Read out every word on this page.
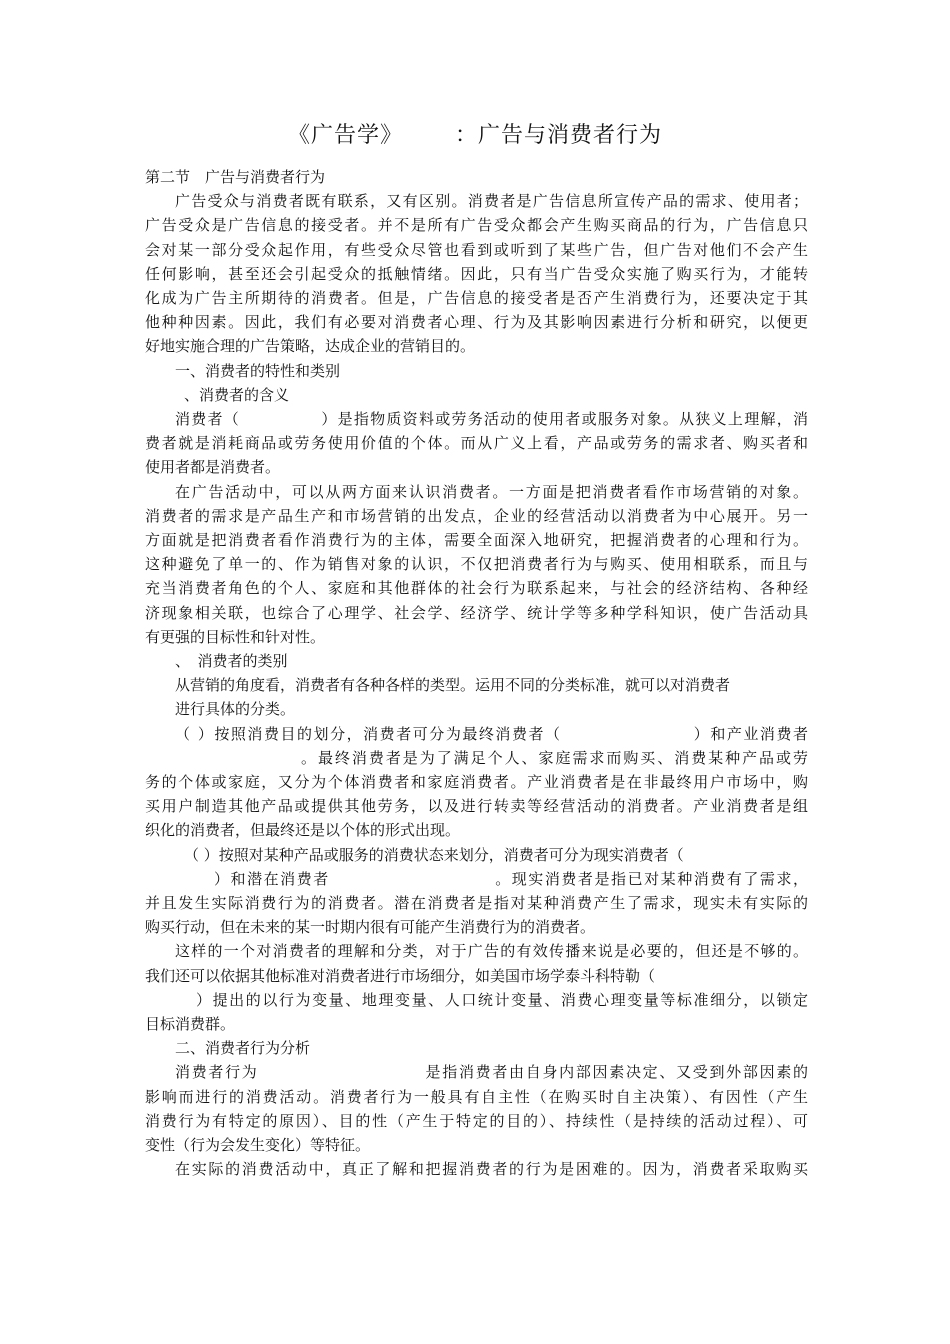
《广告学》 ：广告与消费者行为
第二节　广告与消费者行为
广告受众与消费者既有联系，又有区别。消费者是广告信息所宣传产品的需求、使用者；
广告受众是广告信息的接受者。并不是所有广告受众都会产生购买商品的行为，广告信息只
会对某一部分受众起作用，有些受众尽管也看到或听到了某些广告，但广告对他们不会产生
任何影响，甚至还会引起受众的抵触情绪。因此，只有当广告受众实施了购买行为，才能转
化成为广告主所期待的消费者。但是，广告信息的接受者是否产生消费行为，还要决定于其
他种种因素。因此，我们有必要对消费者心理、行为及其影响因素进行分析和研究，以便更
好地实施合理的广告策略，达成企业的营销目的。
一、消费者的特性和类别
、消费者的含义
消费者（　　　　　）是指物质资料或劳务活动的使用者或服务对象。从狭义上理解，消
费者就是消耗商品或劳务使用价值的个体。而从广义上看，产品或劳务的需求者、购买者和
使用者都是消费者。
在广告活动中，可以从两方面来认识消费者。一方面是把消费者看作市场营销的对象。
消费者的需求是产品生产和市场营销的出发点，企业的经营活动以消费者为中心展开。另一
方面就是把消费者看作消费行为的主体，需要全面深入地研究，把握消费者的心理和行为。
这种避免了单一的、作为销售对象的认识，不仅把消费者行为与购买、使用相联系，而且与
充当消费者角色的个人、家庭和其他群体的社会行为联系起来，与社会的经济结构、各种经
济现象相关联，也综合了心理学、社会学、经济学、统计学等多种学科知识，使广告活动具
有更强的目标性和针对性。
、　消费者的类别
从营销的角度看，消费者有各种各样的类型。运用不同的分类标准，就可以对消费者
进行具体的分类。
（ ）按照消费目的划分，消费者可分为最终消费者（　　　　　　　　）和产业消费者
。最终消费者是为了满足个人、家庭需求而购买、消费某种产品或劳
务的个体或家庭，又分为个体消费者和家庭消费者。产业消费者是在非最终用户市场中，购
买用户制造其他产品或提供其他劳务，以及进行转卖等经营活动的消费者。产业消费者是组
织化的消费者，但最终还是以个体的形式出现。
（ ）按照对某种产品或服务的消费状态来划分，消费者可分为现实消费者（
）和潜在消费者　　　　　　　　　　。现实消费者是指已对某种消费有了需求，
并且发生实际消费行为的消费者。潜在消费者是指对某种消费产生了需求，现实未有实际的
购买行动，但在未来的某一时期内很有可能产生消费行为的消费者。
这样的一个对消费者的理解和分类，对于广告的有效传播来说是必要的，但还是不够的。
我们还可以依据其他标准对消费者进行市场细分，如美国市场学泰斗科特勒（
）提出的以行为变量、地理变量、人口统计变量、消费心理变量等标准细分，以锁定
目标消费群。
二、消费者行为分析
消费者行为　　　　　　　　　　是指消费者由自身内部因素决定、又受到外部因素的
影响而进行的消费活动。消费者行为一般具有自主性（在购买时自主决策）、有因性（产生
消费行为有特定的原因）、目的性（产生于特定的目的）、持续性（是持续的活动过程）、可
变性（行为会发生变化）等特征。
在实际的消费活动中，真正了解和把握消费者的行为是困难的。因为，消费者采取购买
